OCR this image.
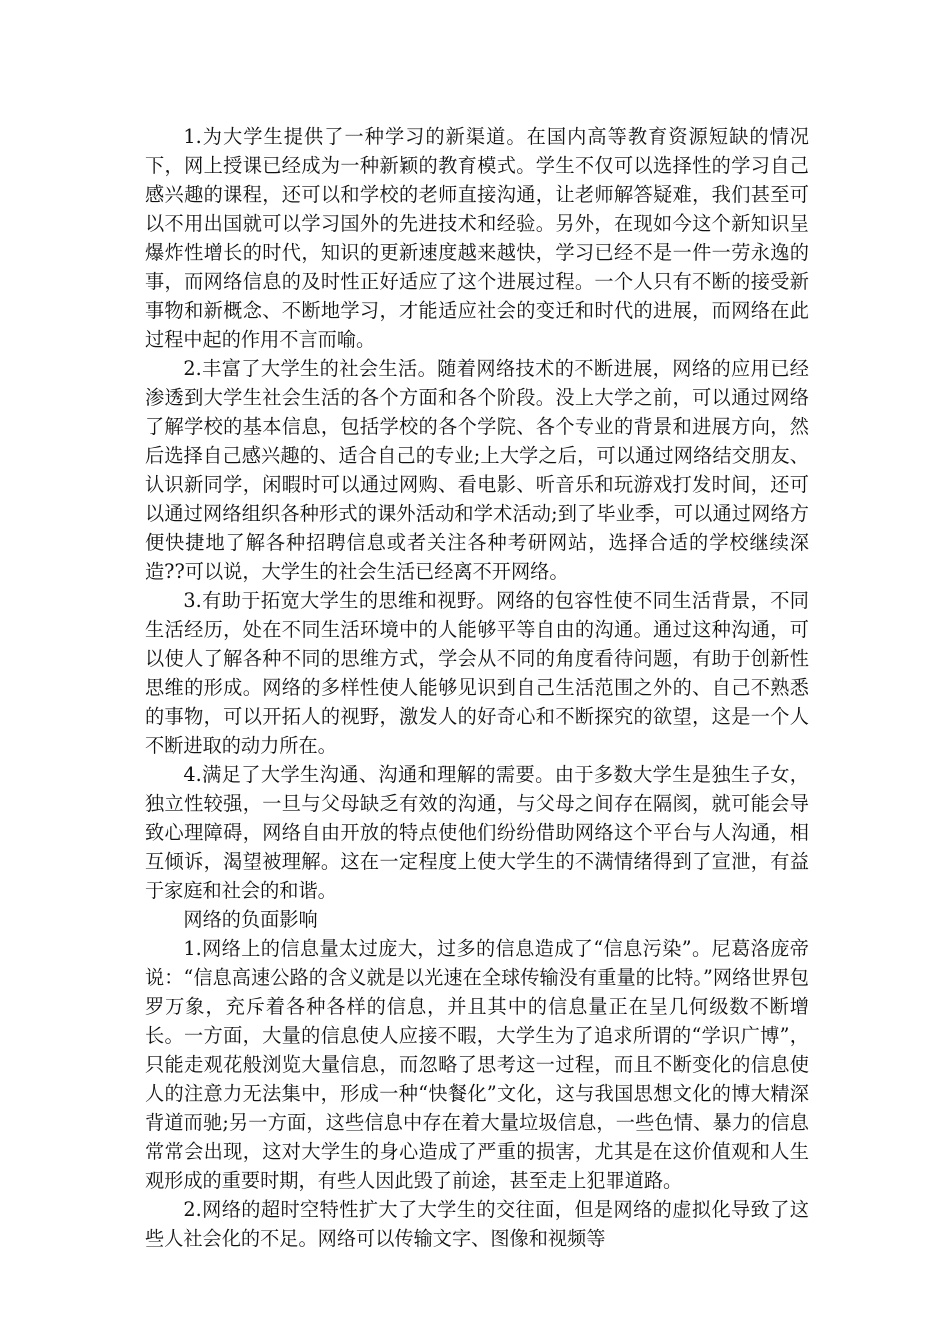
1.为大学生提供了一种学习的新渠道。在国内高等教育资源短缺的情况下，网上授课已经成为一种新颖的教育模式。学生不仅可以选择性的学习自己感兴趣的课程，还可以和学校的老师直接沟通，让老师解答疑难，我们甚至可以不用出国就可以学习国外的先进技术和经验。另外，在现如今这个新知识呈爆炸性增长的时代，知识的更新速度越来越快，学习已经不是一件一劳永逸的事，而网络信息的及时性正好适应了这个进展过程。一个人只有不断的接受新事物和新概念、不断地学习，才能适应社会的变迁和时代的进展，而网络在此过程中起的作用不言而喻。

2.丰富了大学生的社会生活。随着网络技术的不断进展，网络的应用已经渗透到大学生社会生活的各个方面和各个阶段。没上大学之前，可以通过网络了解学校的基本信息，包括学校的各个学院、各个专业的背景和进展方向，然后选择自己感兴趣的、适合自己的专业;上大学之后，可以通过网络结交朋友、认识新同学，闲暇时可以通过网购、看电影、听音乐和玩游戏打发时间，还可以通过网络组织各种形式的课外活动和学术活动;到了毕业季，可以通过网络方便快捷地了解各种招聘信息或者关注各种考研网站，选择合适的学校继续深造??可以说，大学生的社会生活已经离不开网络。

3.有助于拓宽大学生的思维和视野。网络的包容性使不同生活背景，不同生活经历，处在不同生活环境中的人能够平等自由的沟通。通过这种沟通，可以使人了解各种不同的思维方式，学会从不同的角度看待问题，有助于创新性思维的形成。网络的多样性使人能够见识到自己生活范围之外的、自己不熟悉的事物，可以开拓人的视野，激发人的好奇心和不断探究的欲望，这是一个人不断进取的动力所在。

4.满足了大学生沟通、沟通和理解的需要。由于多数大学生是独生子女，独立性较强，一旦与父母缺乏有效的沟通，与父母之间存在隔阂，就可能会导致心理障碍，网络自由开放的特点使他们纷纷借助网络这个平台与人沟通，相互倾诉，渴望被理解。这在一定程度上使大学生的不满情绪得到了宣泄，有益于家庭和社会的和谐。

网络的负面影响

1.网络上的信息量太过庞大，过多的信息造成了“信息污染”。尼葛洛庞帝说：“信息高速公路的含义就是以光速在全球传输没有重量的比特。”网络世界包罗万象，充斥着各种各样的信息，并且其中的信息量正在呈几何级数不断增长。一方面，大量的信息使人应接不暇，大学生为了追求所谓的“学识广博”，只能走观花般浏览大量信息，而忽略了思考这一过程，而且不断变化的信息使人的注意力无法集中，形成一种“快餐化”文化，这与我国思想文化的博大精深背道而驰;另一方面，这些信息中存在着大量垃圾信息，一些色情、暴力的信息常常会出现，这对大学生的身心造成了严重的损害，尤其是在这价值观和人生观形成的重要时期，有些人因此毁了前途，甚至走上犯罪道路。

2.网络的超时空特性扩大了大学生的交往面，但是网络的虚拟化导致了这些人社会化的不足。网络可以传输文字、图像和视频等
